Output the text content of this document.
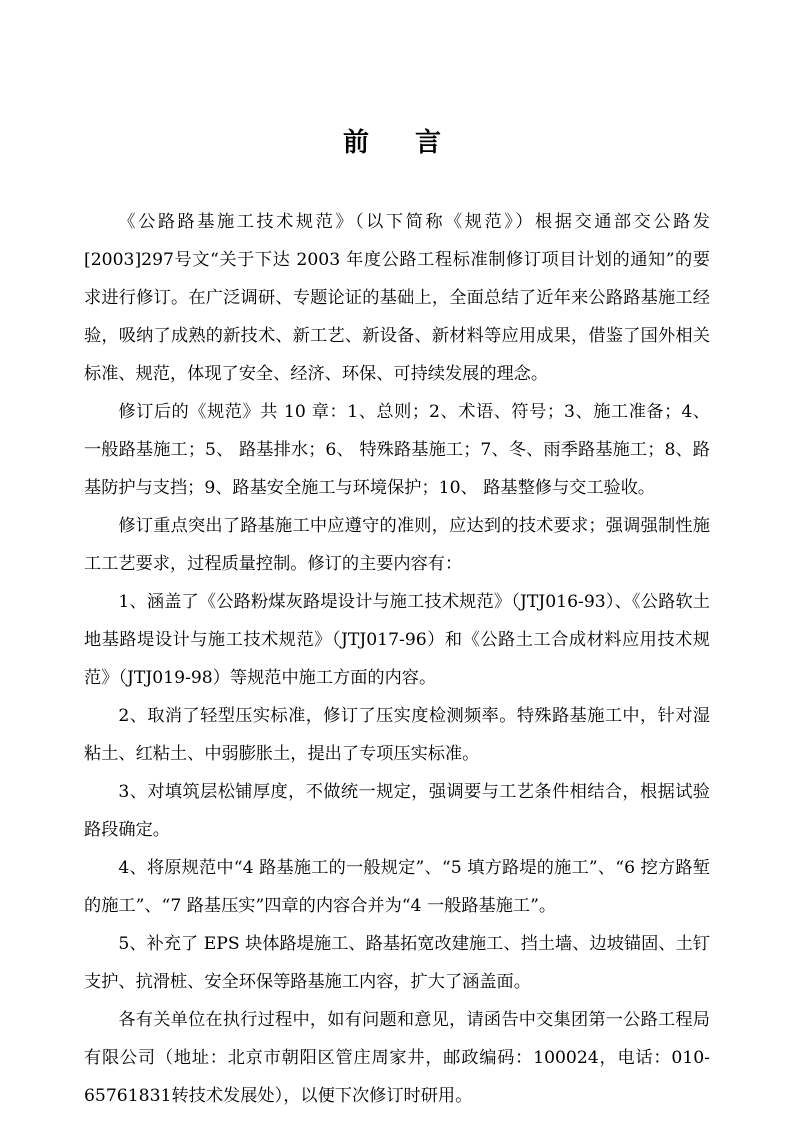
前　言

《公路路基施工技术规范》（以下简称《规范》）根据交通部交公路发[2003]297号文“关于下达 2003 年度公路工程标准制修订项目计划的通知”的要求进行修订。在广泛调研、专题论证的基础上，全面总结了近年来公路路基施工经验，吸纳了成熟的新技术、新工艺、新设备、新材料等应用成果，借鉴了国外相关标准、规范，体现了安全、经济、环保、可持续发展的理念。

修订后的《规范》共 10 章：1、总则；2、术语、符号；3、施工准备；4、一般路基施工；5、 路基排水；6、 特殊路基施工；7、冬、雨季路基施工；8、路基防护与支挡；9、路基安全施工与环境保护；10、 路基整修与交工验收。

修订重点突出了路基施工中应遵守的准则，应达到的技术要求；强调强制性施工工艺要求，过程质量控制。修订的主要内容有：

1、涵盖了《公路粉煤灰路堤设计与施工技术规范》（JTJ016-93）、《公路软土地基路堤设计与施工技术规范》（JTJ017-96）和《公路土工合成材料应用技术规范》（JTJ019-98）等规范中施工方面的内容。

2、取消了轻型压实标准，修订了压实度检测频率。特殊路基施工中，针对湿粘土、红粘土、中弱膨胀土，提出了专项压实标准。

3、对填筑层松铺厚度，不做统一规定，强调要与工艺条件相结合，根据试验路段确定。

4、将原规范中“4 路基施工的一般规定”、“5 填方路堤的施工”、“6 挖方路堑的施工”、“7 路基压实”四章的内容合并为“4 一般路基施工”。

5、补充了 EPS 块体路堤施工、路基拓宽改建施工、挡土墙、边坡锚固、土钉支护、抗滑桩、安全环保等路基施工内容，扩大了涵盖面。

各有关单位在执行过程中，如有问题和意见，请函告中交集团第一公路工程局有限公司（地址：北京市朝阳区管庄周家井，邮政编码：100024，电话：010-65761831转技术发展处），以便下次修订时研用。
